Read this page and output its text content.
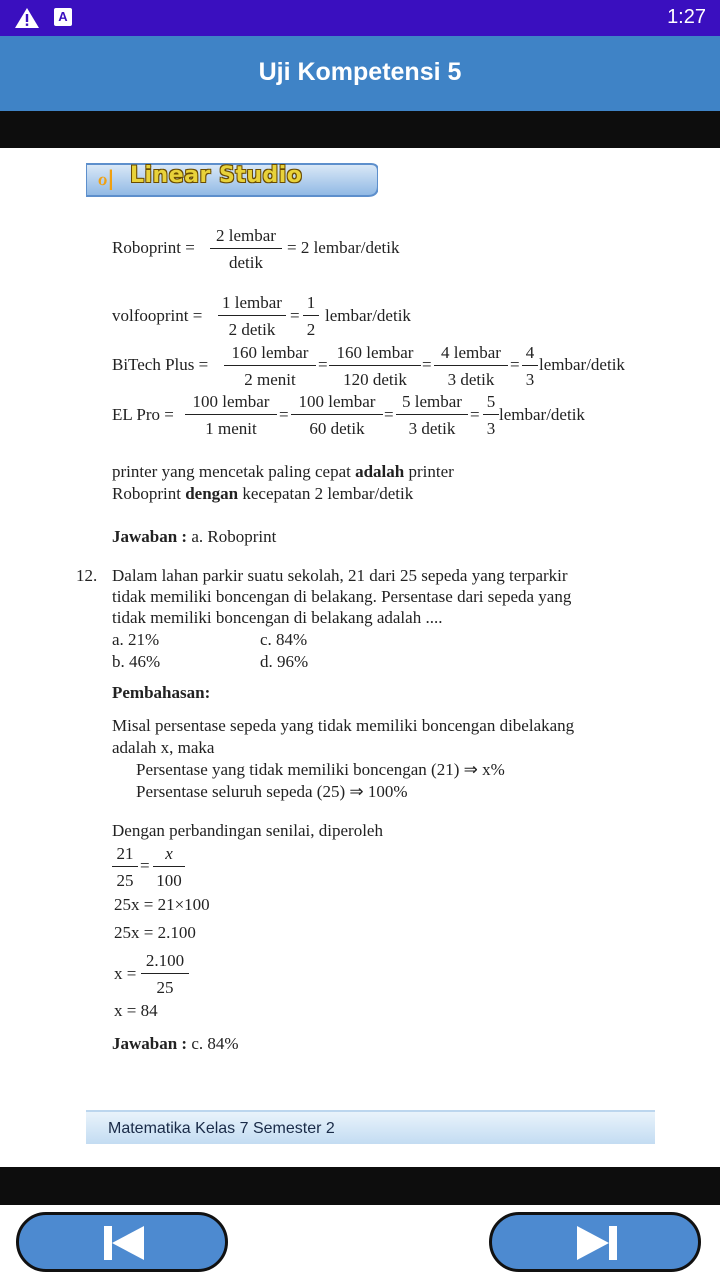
A	1:27
Uji Kompetensi 5
ℴ| Linear Studio
Roboprint =
2 lembar
detik
= 2 lembar/detik
volfooprint =
1 lembar
2 detik
= $\frac{1}{2}$ lembar/detik
BiTech Plus =
160 lembar
2 menit
=
160 lembar
120 detik
=
4 lembar
3 detik
= $\frac{4}{3}$ lembar/detik
EL Pro =
100 lembar
1 menit
=
100 lembar
60 detik
=
5 lembar
3 detik
= $\frac{5}{3}$ lembar/detik
printer yang mencetak paling cepat adalah printer
Roboprint dengan kecepatan 2 lembar/detik
Jawaban : a. Roboprint
12. Dalam lahan parkir suatu sekolah, 21 dari 25 sepeda yang terparkir
tidak memiliki boncengan di belakang. Persentase dari sepeda yang
tidak memiliki boncengan di belakang adalah ....
a. 21%	c. 84%
b. 46%	d. 96%
Pembahasan:
Misal persentase sepeda yang tidak memiliki boncengan dibelakang
adalah x, maka
Persentase yang tidak memiliki boncengan (21) ⇒ x%
Persentase seluruh sepeda (25) ⇒ 100%
Dengan perbandingan senilai, diperoleh
$\frac{21}{25} = \frac{x}{100}$
25x = 21×100
25x = 2.100
$x = \frac{2.100}{25}$
x = 84
Jawaban : c. 84%
Matematika Kelas 7 Semester 2
